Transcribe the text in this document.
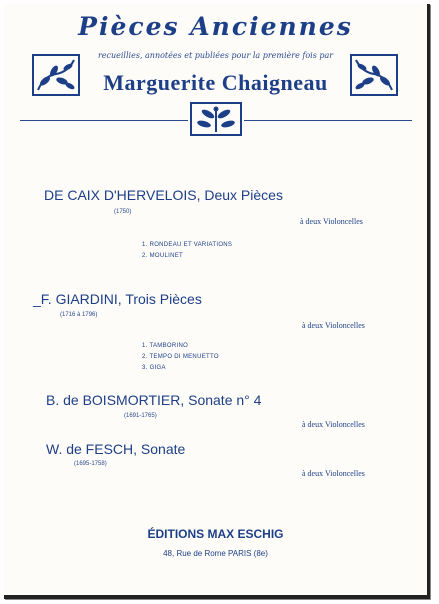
Pièces Anciennes
recueillies, annotées et publiées pour la première fois par
Marguerite Chaigneau
DE CAIX D'HERVELOIS, Deux Pièces
(1750)
à deux Violoncelles
1. RONDEAU ET VARIATIONS
2. MOULINET
_F. GIARDINI, Trois Pièces
(1716 à 1796)
à deux Violoncelles
1. TAMBORINO
2. TEMPO DI MENUETTO
3. GIGA
B. de BOISMORTIER, Sonate n° 4
(1691-1765)
à deux Violoncelles
W. de FESCH, Sonate
(1695-1758)
à deux Violoncelles
ÉDITIONS MAX ESCHIG
48, Rue de Rome PARIS (8e)
